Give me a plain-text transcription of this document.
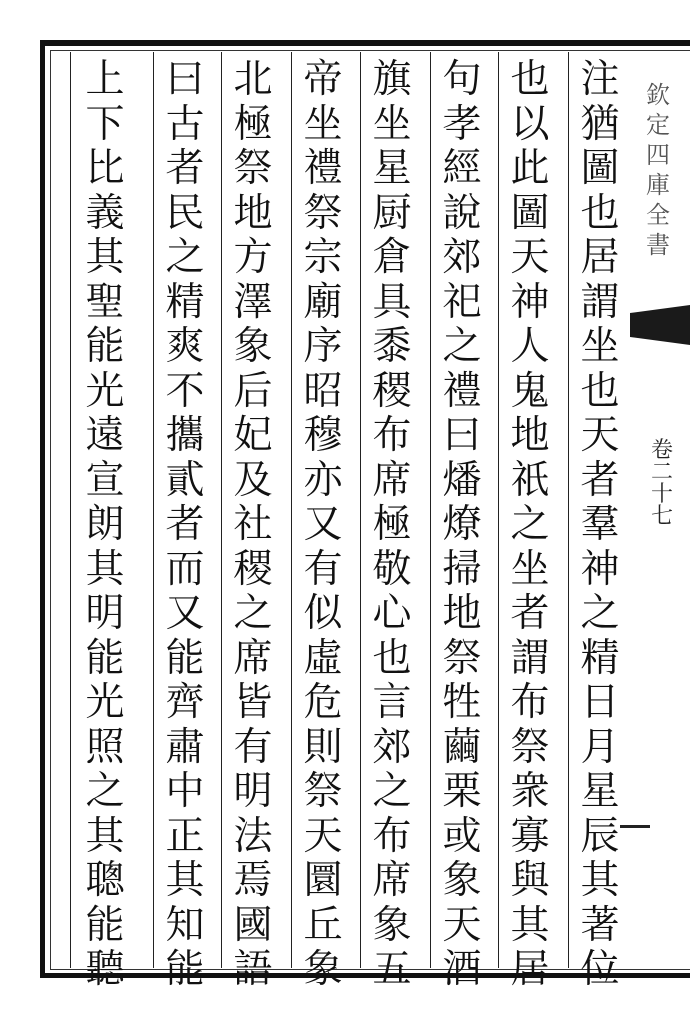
欽
定
四
庫
全
書
卷
二
十
七
注
猶
圖
也
居
謂
坐
也
天
者
羣
神
之
精
日
月
星
辰
其
著
位
也
以
此
圖
天
神
人
鬼
地
祇
之
坐
者
謂
布
祭
衆
寡
與
其
居
句
孝
經
說
郊
祀
之
禮
曰
燔
燎
掃
地
祭
牲
繭
栗
或
象
天
酒
旗
坐
星
厨
倉
具
黍
稷
布
席
極
敬
心
也
言
郊
之
布
席
象
五
帝
坐
禮
祭
宗
廟
序
昭
穆
亦
又
有
似
虛
危
則
祭
天
圜
丘
象
北
極
祭
地
方
澤
象
后
妃
及
社
稷
之
席
皆
有
明
法
焉
國
語
曰
古
者
民
之
精
爽
不
攜
貳
者
而
又
能
齊
肅
中
正
其
知
能
上
下
比
義
其
聖
能
光
遠
宣
朗
其
明
能
光
照
之
其
聰
能
聽
